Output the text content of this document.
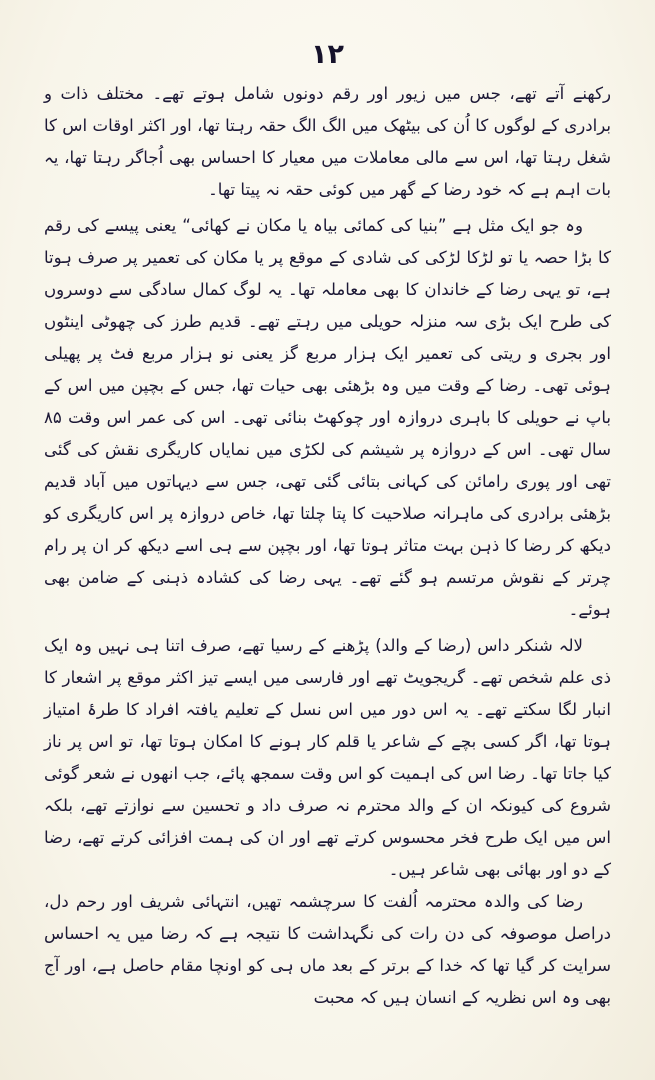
۱۲

رکھنے آتے تھے، جس میں زیور اور رقم دونوں شامل ہوتے تھے۔ مختلف ذات و برادری کے لوگوں کا اُن کی بیٹھک میں الگ الگ حقہ رہتا تھا، اور اکثر اوقات اس کا شغل رہتا تھا، اس سے مالی معاملات میں معیار کا احساس بھی اُجاگر رہتا تھا، یہ بات اہم ہے کہ خود رضا کے گھر میں کوئی حقہ نہ پیتا تھا۔

وہ جو ایک مثل ہے ”بنیا کی کمائی بیاہ یا مکان نے کھائی“ یعنی پیسے کی رقم کا بڑا حصہ یا تو لڑکا لڑکی کی شادی کے موقع پر یا مکان کی تعمیر پر صرف ہوتا ہے، تو یہی رضا کے خاندان کا بھی معاملہ تھا۔ یہ لوگ کمال سادگی سے دوسروں کی طرح ایک بڑی سہ منزلہ حویلی میں رہتے تھے۔ قدیم طرز کی چھوٹی اینٹوں اور بجری و ریتی کی تعمیر ایک ہزار مربع گز یعنی نو ہزار مربع فٹ پر پھیلی ہوئی تھی۔ رضا کے وقت میں وہ بڑھئی بھی حیات تھا، جس کے بچپن میں اس کے باپ نے حویلی کا باہری دروازہ اور چوکھٹ بنائی تھی۔ اس کی عمر اس وقت ۸۵ سال تھی۔ اس کے دروازہ پر شیشم کی لکڑی میں نمایاں کاریگری نقش کی گئی تھی اور پوری رامائن کی کہانی بتائی گئی تھی، جس سے دیہاتوں میں آباد قدیم بڑھئی برادری کی ماہرانہ صلاحیت کا پتا چلتا تھا، خاص دروازہ پر اس کاریگری کو دیکھ کر رضا کا ذہن بہت متاثر ہوتا تھا، اور بچپن سے ہی اسے دیکھ کر ان پر رام چرتر کے نقوش مرتسم ہو گئے تھے۔ یہی رضا کی کشادہ ذہنی کے ضامن بھی ہوئے۔

لالہ شنکر داس (رضا کے والد) پڑھنے کے رسیا تھے، صرف اتنا ہی نہیں وہ ایک ذی علم شخص تھے۔ گریجویٹ تھے اور فارسی میں ایسے تیز اکثر موقع پر اشعار کا انبار لگا سکتے تھے۔ یہ اس دور میں اس نسل کے تعلیم یافتہ افراد کا طرۂ امتیاز ہوتا تھا، اگر کسی بچے کے شاعر یا قلم کار ہونے کا امکان ہوتا تھا، تو اس پر ناز کیا جاتا تھا۔ رضا اس کی اہمیت کو اس وقت سمجھ پائے، جب انھوں نے شعر گوئی شروع کی کیونکہ ان کے والد محترم نہ صرف داد و تحسین سے نوازتے تھے، بلکہ اس میں ایک طرح فخر محسوس کرتے تھے اور ان کی ہمت افزائی کرتے تھے، رضا کے دو اور بھائی بھی شاعر ہیں۔

رضا کی والدہ محترمہ اُلفت کا سرچشمہ تھیں، انتہائی شریف اور رحم دل، دراصل موصوفہ کی دن رات کی نگہداشت کا نتیجہ ہے کہ رضا میں یہ احساس سرایت کر گیا تھا کہ خدا کے برتر کے بعد ماں ہی کو اونچا مقام حاصل ہے، اور آج بھی وہ اس نظریہ کے انسان ہیں کہ محبت
